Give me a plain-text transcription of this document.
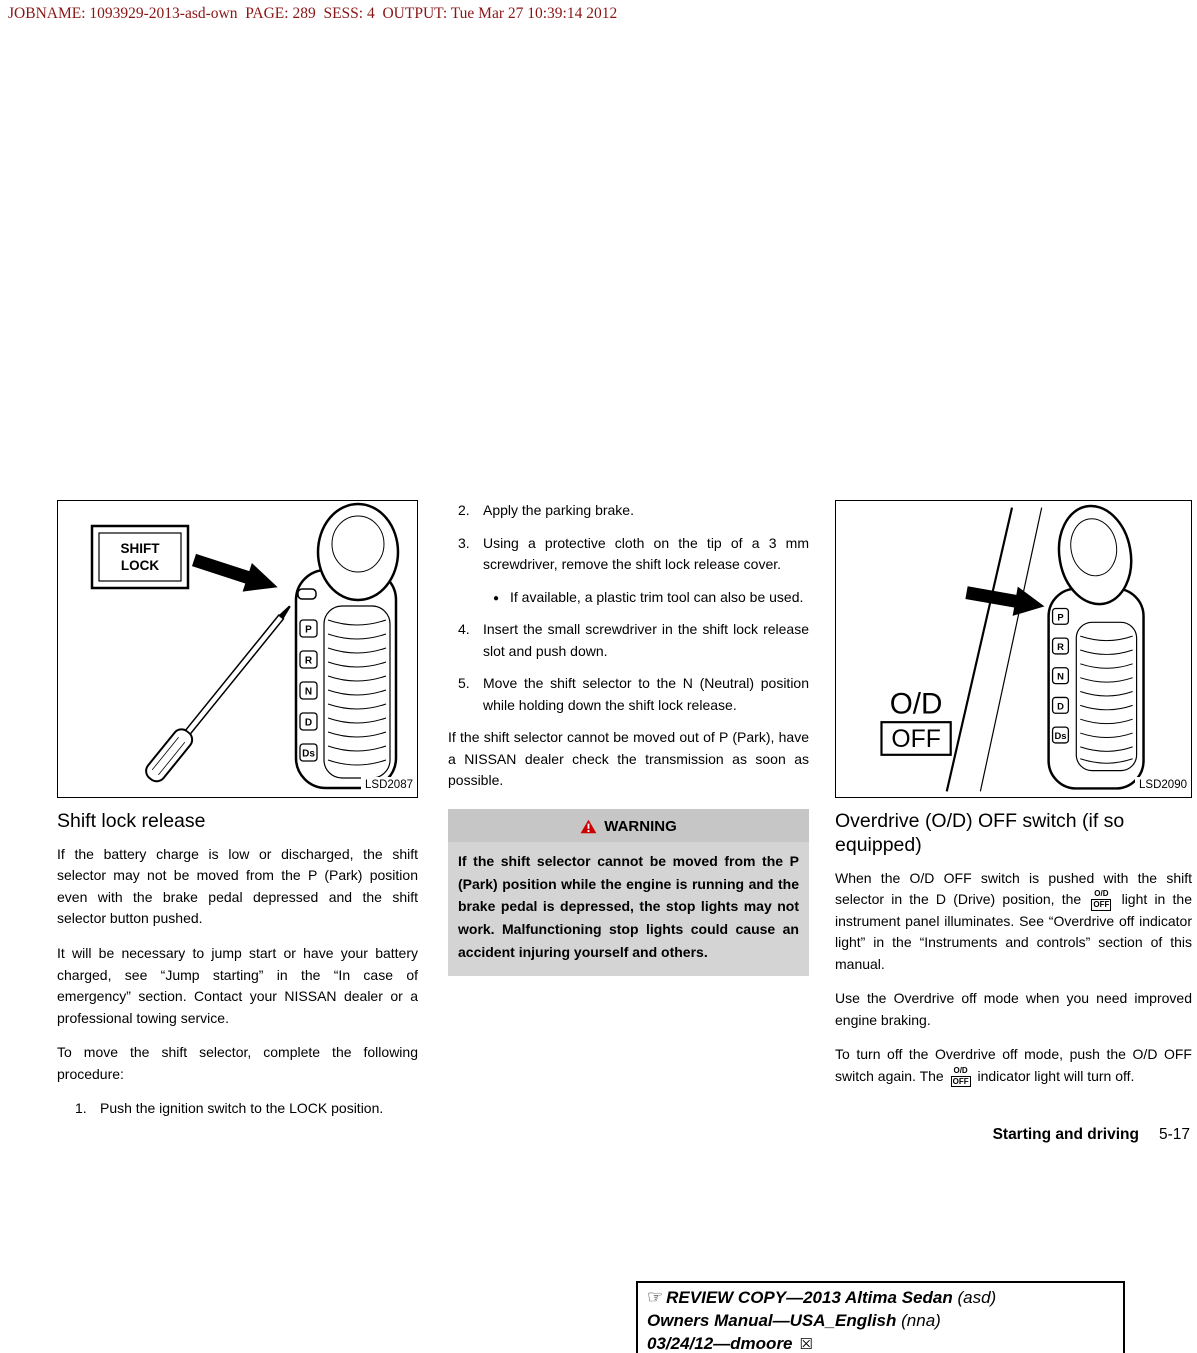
JOBNAME: 1093929-2013-asd-own  PAGE: 289  SESS: 4  OUTPUT: Tue Mar 27 10:39:14 2012
P
R
N
D
Ds
SHIFT
LOCK
LSD2087
Shift lock release

If the battery charge is low or discharged, the shift selector may not be moved from the P (Park) position even with the brake pedal depressed and the shift selector button pushed.

It will be necessary to jump start or have your battery charged, see “Jump starting” in the “In case of emergency” section. Contact your NISSAN dealer or a professional towing service.

To move the shift selector, complete the following procedure:

1. Push the ignition switch to the LOCK position.
2. Apply the parking brake.
3. Using a protective cloth on the tip of a 3 mm screwdriver, remove the shift lock release cover.
● If available, a plastic trim tool can also be used.
4. Insert the small screwdriver in the shift lock release slot and push down.
5. Move the shift selector to the N (Neutral) position while holding down the shift lock release.

If the shift selector cannot be moved out of P (Park), have a NISSAN dealer check the transmission as soon as possible.

WARNING
If the shift selector cannot be moved from the P (Park) position while the engine is running and the brake pedal is depressed, the stop lights may not work. Malfunctioning stop lights could cause an accident injuring yourself and others.
P
R
N
D
Ds
O/D
OFF
LSD2090
Overdrive (O/D) OFF switch (if so equipped)

When the O/D OFF switch is pushed with the shift selector in the D (Drive) position, the	O/D
OFF light in the instrument panel illuminates. See “Overdrive off indicator light” in the “Instruments and controls” section of this manual.

Use the Overdrive off mode when you need improved engine braking.

To turn off the Overdrive off mode, push the O/D OFF switch again. The	O/D
OFF indicator light will turn off.

Starting and driving 5-17
☞ REVIEW COPY—2013 Altima Sedan (asd)
Owners Manual—USA_English (nna)
03/24/12—dmoore ☒
